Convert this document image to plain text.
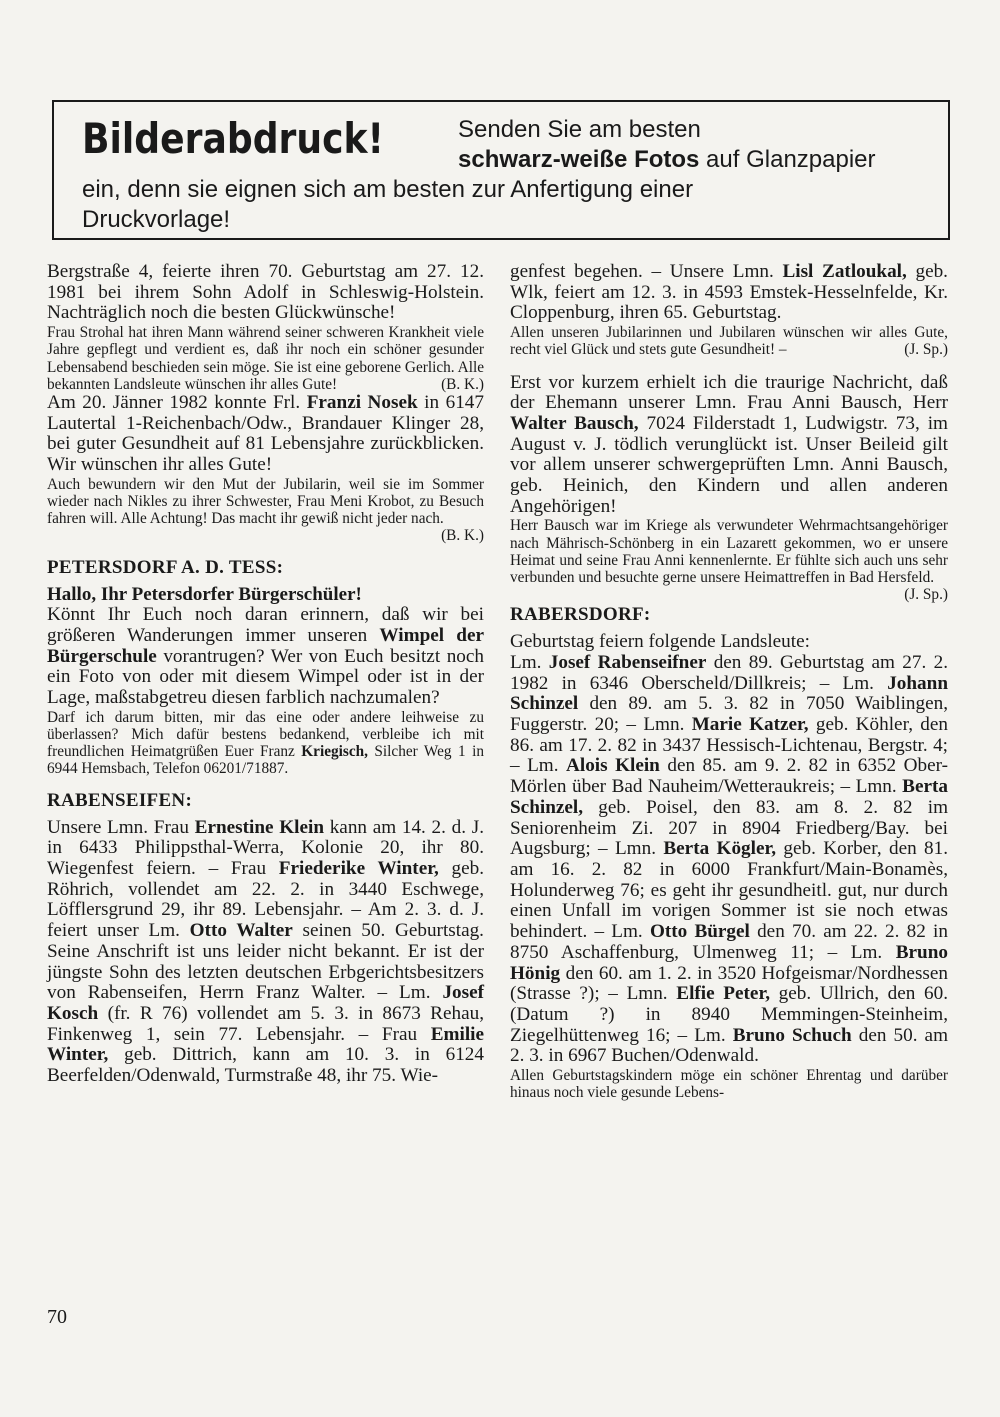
Bilderabdruck!	Senden Sie am besten
schwarz-weiße Fotos auf Glanzpapier
ein, denn sie eignen sich am besten zur Anfertigung einer
Druckvorlage!

Bergstraße 4, feierte ihren 70. Geburtstag am 27. 12. 1981 bei ihrem Sohn Adolf in Schleswig-Holstein. Nachträglich noch die besten Glückwünsche!

Frau Strohal hat ihren Mann während seiner schweren Krankheit viele Jahre gepflegt und verdient es, daß ihr noch ein schöner gesunder Lebensabend beschieden sein möge. Sie ist eine geborene Gerlich. Alle bekannten Landsleute wünschen ihr alles Gute!	(B. K.)

Am 20. Jänner 1982 konnte Frl. Franzi Nosek in 6147 Lautertal 1-Reichenbach/Odw., Brandauer Klinger 28, bei guter Gesundheit auf 81 Lebensjahre zurückblicken. Wir wünschen ihr alles Gute!

Auch bewundern wir den Mut der Jubilarin, weil sie im Sommer wieder nach Nikles zu ihrer Schwester, Frau Meni Krobot, zu Besuch fahren will. Alle Achtung! Das macht ihr gewiß nicht jeder nach.

(B. K.)

PETERSDORF A. D. TESS:

Hallo, Ihr Petersdorfer Bürgerschüler!

Könnt Ihr Euch noch daran erinnern, daß wir bei größeren Wanderungen immer unseren Wimpel der Bürgerschule vorantrugen? Wer von Euch besitzt noch ein Foto von oder mit diesem Wimpel oder ist in der Lage, maßstabgetreu diesen farblich nachzumalen?

Darf ich darum bitten, mir das eine oder andere leihweise zu überlassen? Mich dafür bestens bedankend, verbleibe ich mit freundlichen Heimatgrüßen Euer Franz Kriegisch, Silcher Weg 1 in 6944 Hemsbach, Telefon 06201/71887.

RABENSEIFEN:

Unsere Lmn. Frau Ernestine Klein kann am 14. 2. d. J. in 6433 Philippsthal-Werra, Kolonie 20, ihr 80. Wiegenfest feiern. – Frau Friederike Winter, geb. Röhrich, vollendet am 22. 2. in 3440 Eschwege, Löfflersgrund 29, ihr 89. Lebensjahr. – Am 2. 3. d. J. feiert unser Lm. Otto Walter seinen 50. Geburtstag. Seine Anschrift ist uns leider nicht bekannt. Er ist der jüngste Sohn des letzten deutschen Erbgerichtsbesitzers von Rabenseifen, Herrn Franz Walter. – Lm. Josef Kosch (fr. R 76) vollendet am 5. 3. in 8673 Rehau, Finkenweg 1, sein 77. Lebensjahr. – Frau Emilie Winter, geb. Dittrich, kann am 10. 3. in 6124 Beerfelden/Odenwald, Turmstraße 48, ihr 75. Wie-

genfest begehen. – Unsere Lmn. Lisl Zatloukal, geb. Wlk, feiert am 12. 3. in 4593 Emstek-Hesselnfelde, Kr. Cloppenburg, ihren 65. Geburtstag.

Allen unseren Jubilarinnen und Jubilaren wünschen wir alles Gute, recht viel Glück und stets gute Gesundheit! –	(J. Sp.)

Erst vor kurzem erhielt ich die traurige Nachricht, daß der Ehemann unserer Lmn. Frau Anni Bausch, Herr Walter Bausch, 7024 Filderstadt 1, Ludwigstr. 73, im August v. J. tödlich verunglückt ist. Unser Beileid gilt vor allem unserer schwergeprüften Lmn. Anni Bausch, geb. Heinich, den Kindern und allen anderen Angehörigen!

Herr Bausch war im Kriege als verwundeter Wehrmachtsangehöriger nach Mährisch-Schönberg in ein Lazarett gekommen, wo er unsere Heimat und seine Frau Anni kennenlernte. Er fühlte sich auch uns sehr verbunden und besuchte gerne unsere Heimattreffen in Bad Hersfeld.
(J. Sp.)

RABERSDORF:

Geburtstag feiern folgende Landsleute:

Lm. Josef Rabenseifner den 89. Geburtstag am 27. 2. 1982 in 6346 Oberscheld/Dillkreis; – Lm. Johann Schinzel den 89. am 5. 3. 82 in 7050 Waiblingen, Fuggerstr. 20; – Lmn. Marie Katzer, geb. Köhler, den 86. am 17. 2. 82 in 3437 Hessisch-Lichtenau, Bergstr. 4; – Lm. Alois Klein den 85. am 9. 2. 82 in 6352 Ober-Mörlen über Bad Nauheim/Wetteraukreis; – Lmn. Berta Schinzel, geb. Poisel, den 83. am 8. 2. 82 im Seniorenheim Zi. 207 in 8904 Friedberg/Bay. bei Augsburg; – Lmn. Berta Kögler, geb. Korber, den 81. am 16. 2. 82 in 6000 Frankfurt/Main-Bonamès, Holunderweg 76; es geht ihr gesundheitl. gut, nur durch einen Unfall im vorigen Sommer ist sie noch etwas behindert. – Lm. Otto Bürgel den 70. am 22. 2. 82 in 8750 Aschaffenburg, Ulmenweg 11; – Lm. Bruno Hönig den 60. am 1. 2. in 3520 Hofgeismar/Nordhessen (Strasse ?); – Lmn. Elfie Peter, geb. Ullrich, den 60. (Datum ?) in 8940 Memmingen-Steinheim, Ziegelhüttenweg 16; – Lm. Bruno Schuch den 50. am 2. 3. in 6967 Buchen/Odenwald.

Allen Geburtstagskindern möge ein schöner Ehrentag und darüber hinaus noch viele gesunde Lebens-

70
